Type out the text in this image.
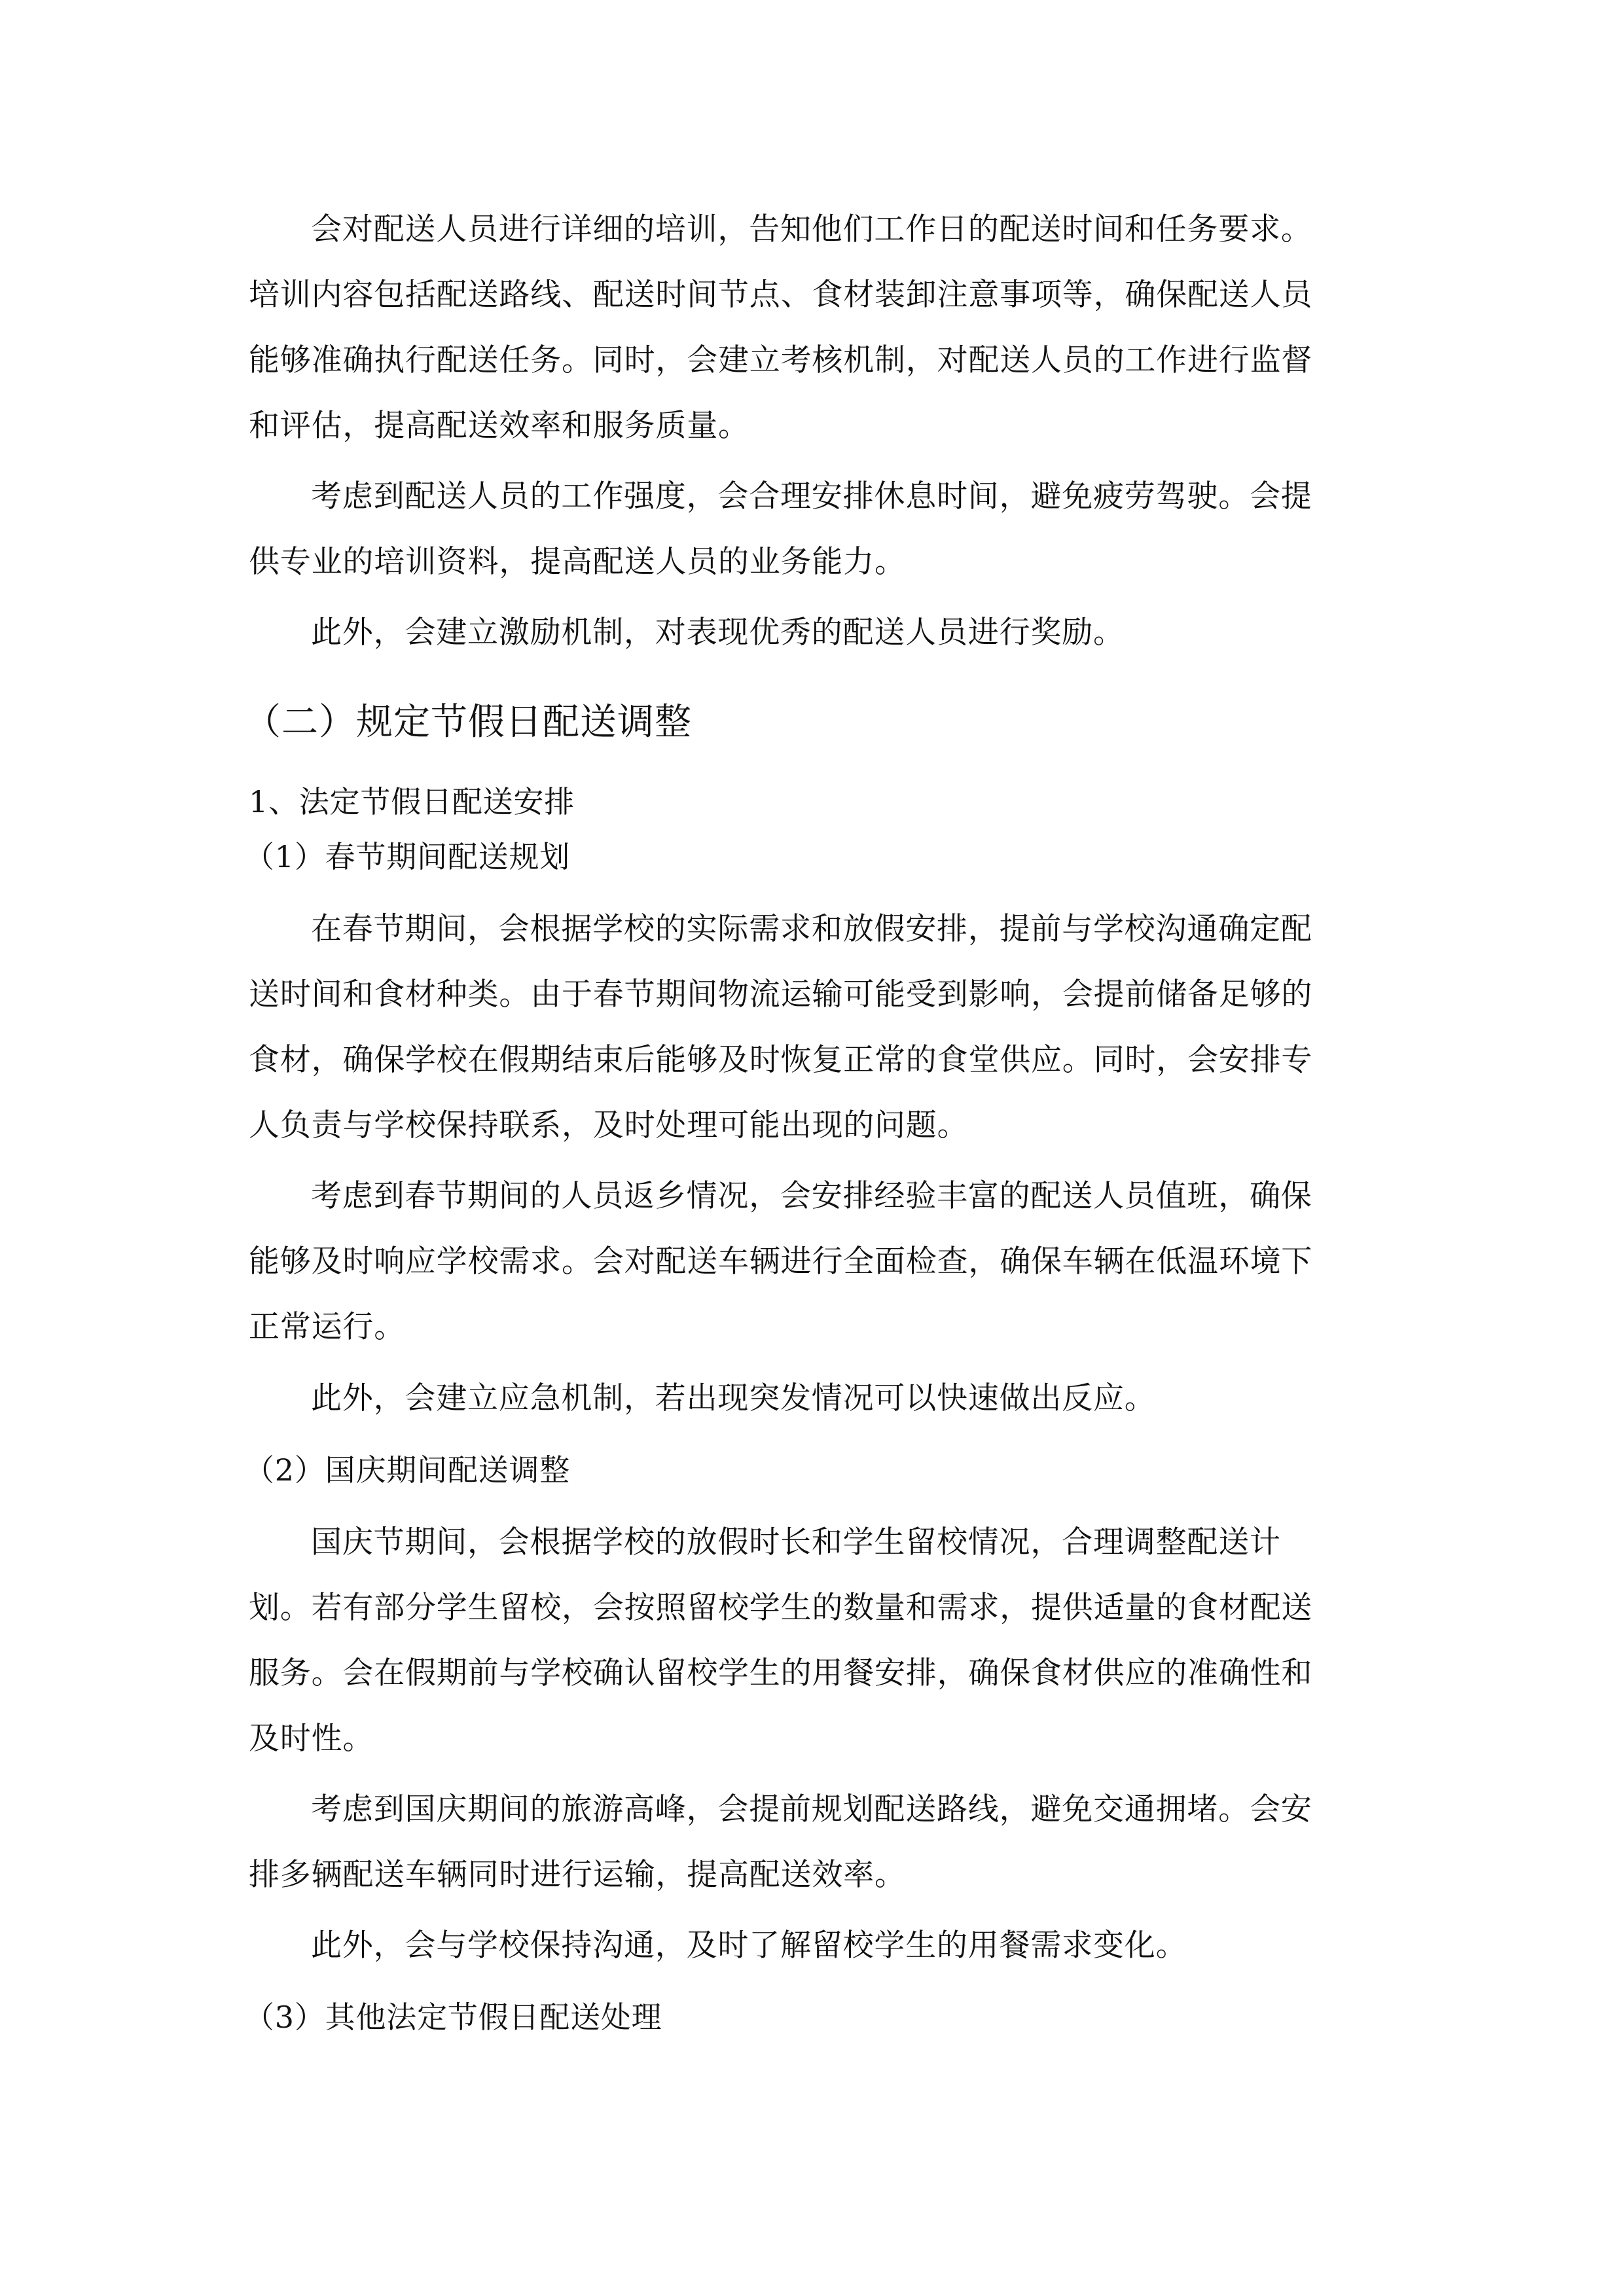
会对配送人员进行详细的培训，告知他们工作日的配送时间和任务要求。
培训内容包括配送路线、配送时间节点、食材装卸注意事项等，确保配送人员
能够准确执行配送任务。同时，会建立考核机制，对配送人员的工作进行监督
和评估，提高配送效率和服务质量。
考虑到配送人员的工作强度，会合理安排休息时间，避免疲劳驾驶。会提
供专业的培训资料，提高配送人员的业务能力。
此外，会建立激励机制，对表现优秀的配送人员进行奖励。
（二）规定节假日配送调整
1、法定节假日配送安排
（1）春节期间配送规划
在春节期间，会根据学校的实际需求和放假安排，提前与学校沟通确定配
送时间和食材种类。由于春节期间物流运输可能受到影响，会提前储备足够的
食材，确保学校在假期结束后能够及时恢复正常的食堂供应。同时，会安排专
人负责与学校保持联系，及时处理可能出现的问题。
考虑到春节期间的人员返乡情况，会安排经验丰富的配送人员值班，确保
能够及时响应学校需求。会对配送车辆进行全面检查，确保车辆在低温环境下
正常运行。
此外，会建立应急机制，若出现突发情况可以快速做出反应。
（2）国庆期间配送调整
国庆节期间，会根据学校的放假时长和学生留校情况，合理调整配送计
划。若有部分学生留校，会按照留校学生的数量和需求，提供适量的食材配送
服务。会在假期前与学校确认留校学生的用餐安排，确保食材供应的准确性和
及时性。
考虑到国庆期间的旅游高峰，会提前规划配送路线，避免交通拥堵。会安
排多辆配送车辆同时进行运输，提高配送效率。
此外，会与学校保持沟通，及时了解留校学生的用餐需求变化。
（3）其他法定节假日配送处理
